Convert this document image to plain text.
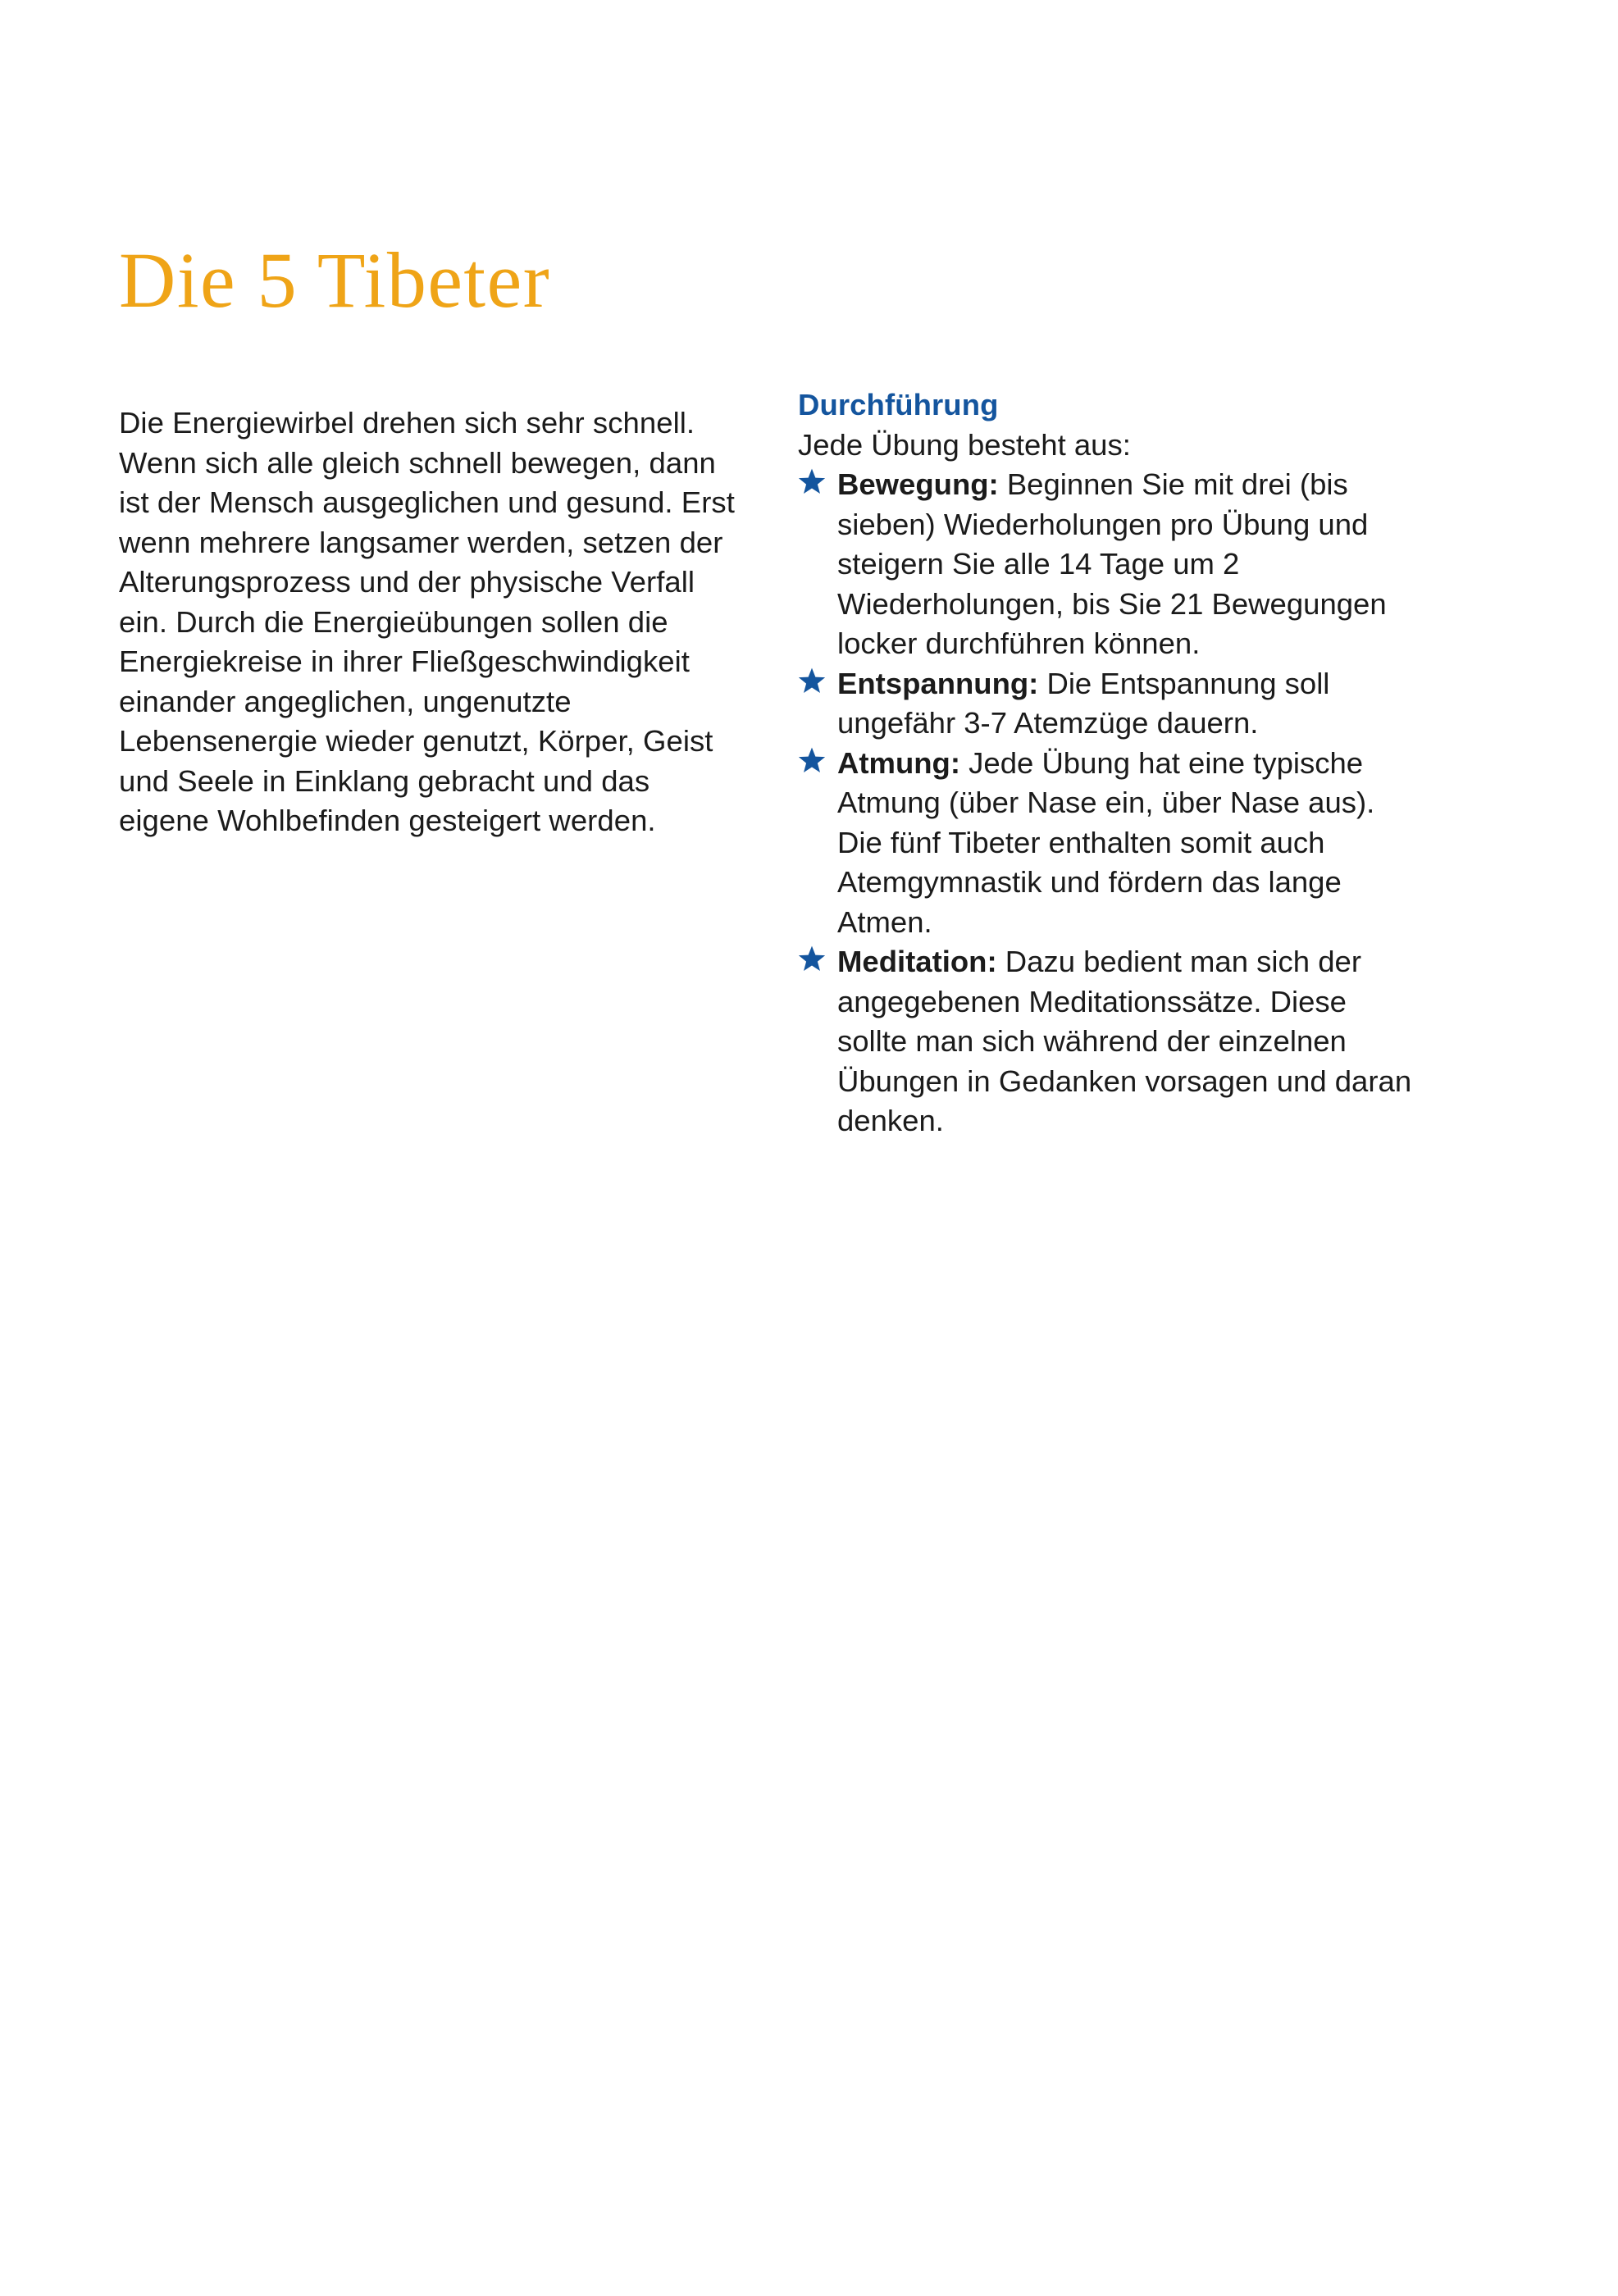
Die 5 Tibeter

Die Energiewirbel drehen sich sehr schnell. Wenn sich alle gleich schnell bewegen, dann ist der Mensch ausgeglichen und gesund. Erst wenn mehrere langsamer werden, setzen der Alterungsprozess und der physische Verfall ein. Durch die Energieübungen sollen die Energiekreise in ihrer Fließgeschwindigkeit einander angeglichen, ungenutzte Lebensenergie wieder genutzt, Körper, Geist und Seele in Einklang gebracht und das eigene Wohlbefinden gesteigert werden.

Durchführung

Jede Übung besteht aus:

Bewegung: Beginnen Sie mit drei (bis sieben) Wiederholungen pro Übung und steigern Sie alle 14 Tage um 2 Wiederholungen, bis Sie 21 Bewegungen locker durchführen können.
Entspannung: Die Entspannung soll ungefähr 3-7 Atemzüge dauern.
Atmung: Jede Übung hat eine typische Atmung (über Nase ein, über Nase aus). Die fünf Tibeter enthalten somit auch Atemgymnastik und fördern das lange Atmen.
Meditation: Dazu bedient man sich der angegebenen Meditationssätze. Diese sollte man sich während der einzelnen Übungen in Gedanken vorsagen und daran denken.
